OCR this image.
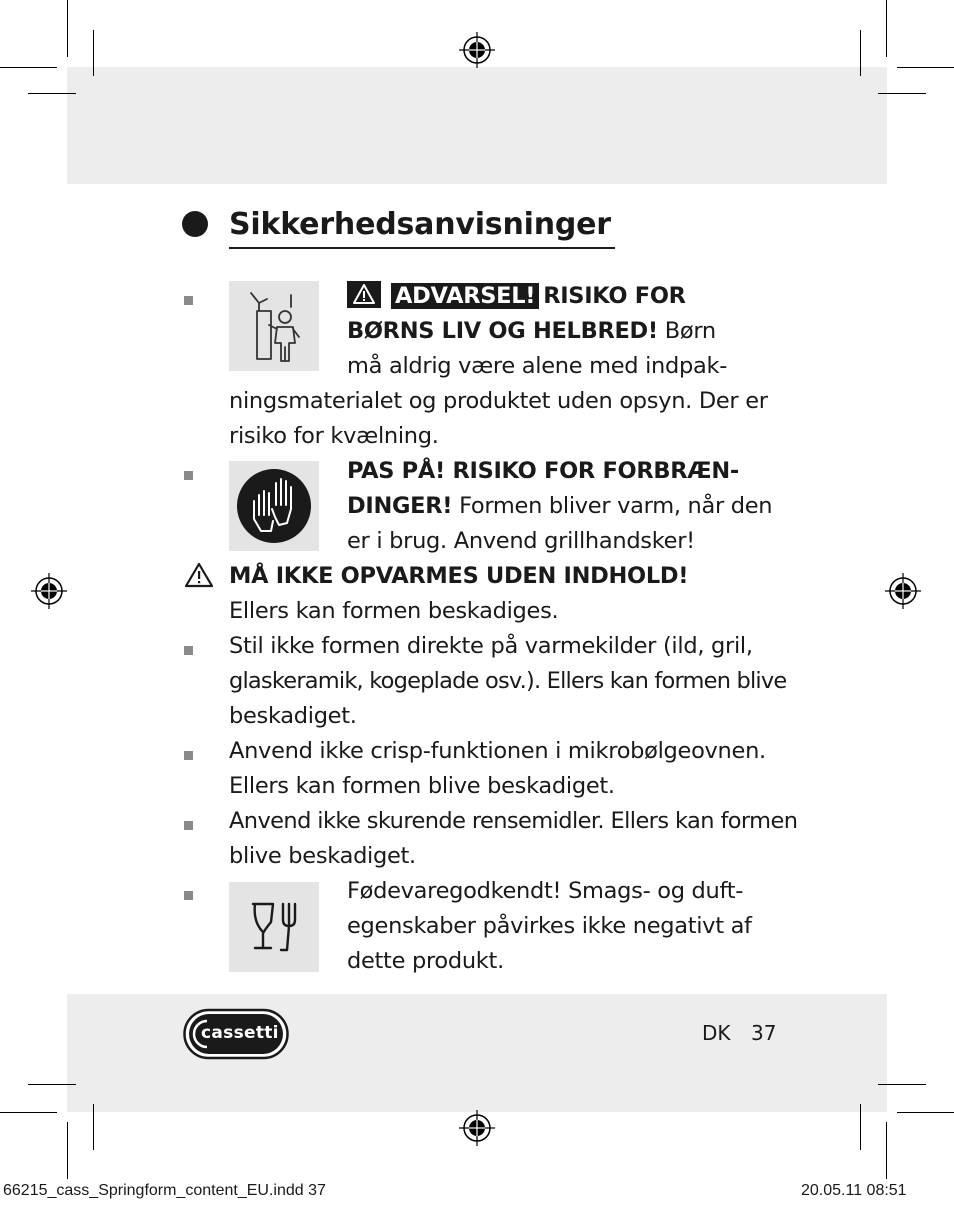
Sikkerhedsanvisninger
ADVARSEL! RISIKO FOR
BØRNS LIV OG HELBRED! Børn
må aldrig være alene med indpak-
ningsmaterialet og produktet uden opsyn. Der er
risiko for kvælning.
PAS PÅ! RISIKO FOR FORBRÆN-
DINGER! Formen bliver varm, når den
er i brug. Anvend grillhandsker!
MÅ IKKE OPVARMES UDEN INDHOLD!
Ellers kan formen beskadiges.
Stil ikke formen direkte på varmekilder (ild, gril,
glaskeramik, kogeplade osv.). Ellers kan formen blive
beskadiget.
Anvend ikke crisp-funktionen i mikrobølgeovnen.
Ellers kan formen blive beskadiget.
Anvend ikke skurende rensemidler. Ellers kan formen
blive beskadiget.
Fødevaregodkendt! Smags- og duft-
egenskaber påvirkes ikke negativt af
dette produkt.
cassetti	DK 37
66215_cass_Springform_content_EU.indd 37	20.05.11 08:51
